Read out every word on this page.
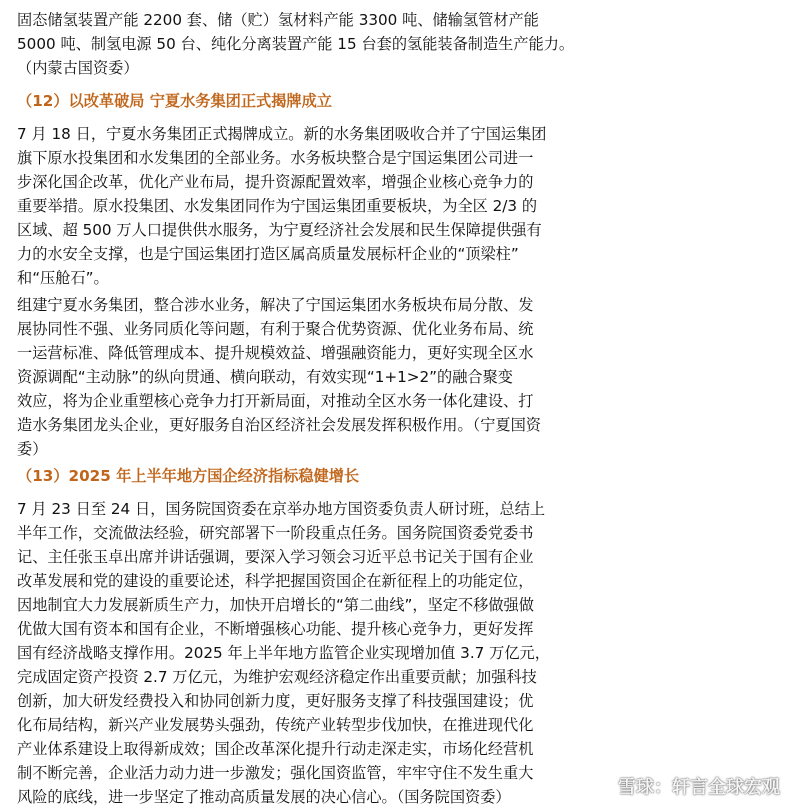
固态储氢装置产能 2200 套、储（贮）氢材料产能 3300 吨、储输氢管材产能
5000 吨、制氢电源 50 台、纯化分离装置产能 15 台套的氢能装备制造生产能力。
（内蒙古国资委）
（12）以改革破局 宁夏水务集团正式揭牌成立
7 月 18 日，宁夏水务集团正式揭牌成立。新的水务集团吸收合并了宁国运集团
旗下原水投集团和水发集团的全部业务。水务板块整合是宁国运集团公司进一
步深化国企改革，优化产业布局，提升资源配置效率，增强企业核心竞争力的
重要举措。原水投集团、水发集团同作为宁国运集团重要板块，为全区 2/3 的
区域、超 500 万人口提供供水服务，为宁夏经济社会发展和民生保障提供强有
力的水安全支撑，也是宁国运集团打造区属高质量发展标杆企业的“顶梁柱”
和“压舱石”。
组建宁夏水务集团，整合涉水业务，解决了宁国运集团水务板块布局分散、发
展协同性不强、业务同质化等问题，有利于聚合优势资源、优化业务布局、统
一运营标准、降低管理成本、提升规模效益、增强融资能力，更好实现全区水
资源调配“主动脉”的纵向贯通、横向联动，有效实现“1+1>2”的融合聚变
效应，将为企业重塑核心竞争力打开新局面，对推动全区水务一体化建设、打
造水务集团龙头企业，更好服务自治区经济社会发展发挥积极作用。（宁夏国资
委）
（13）2025 年上半年地方国企经济指标稳健增长
7 月 23 日至 24 日，国务院国资委在京举办地方国资委负责人研讨班，总结上
半年工作，交流做法经验，研究部署下一阶段重点任务。国务院国资委党委书
记、主任张玉卓出席并讲话强调，要深入学习领会习近平总书记关于国有企业
改革发展和党的建设的重要论述，科学把握国资国企在新征程上的功能定位，
因地制宜大力发展新质生产力，加快开启增长的“第二曲线”，坚定不移做强做
优做大国有资本和国有企业，不断增强核心功能、提升核心竞争力，更好发挥
国有经济战略支撑作用。2025 年上半年地方监管企业实现增加值 3.7 万亿元，
完成固定资产投资 2.7 万亿元，为维护宏观经济稳定作出重要贡献；加强科技
创新，加大研发经费投入和协同创新力度，更好服务支撑了科技强国建设；优
化布局结构，新兴产业发展势头强劲，传统产业转型步伐加快，在推进现代化
产业体系建设上取得新成效；国企改革深化提升行动走深走实，市场化经营机
制不断完善，企业活力动力进一步激发；强化国资监管，牢牢守住不发生重大
风险的底线，进一步坚定了推动高质量发展的决心信心。（国务院国资委）	雪球：轩言全球宏观
